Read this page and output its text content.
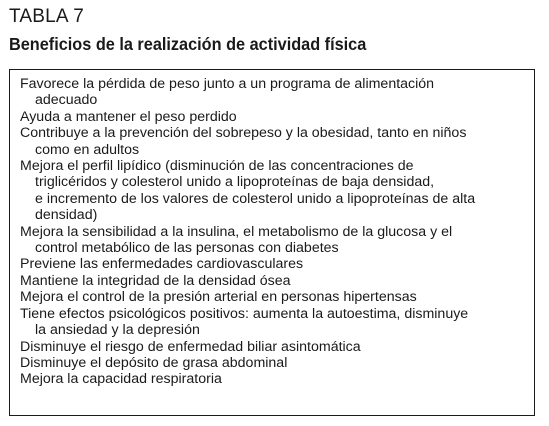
TABLA 7
Beneficios de la realización de actividad física
Favorece la pérdida de peso junto a un programa de alimentación
adecuado
Ayuda a mantener el peso perdido
Contribuye a la prevención del sobrepeso y la obesidad, tanto en niños
como en adultos
Mejora el perfil lipídico (disminución de las concentraciones de
triglicéridos y colesterol unido a lipoproteínas de baja densidad,
e incremento de los valores de colesterol unido a lipoproteínas de alta
densidad)
Mejora la sensibilidad a la insulina, el metabolismo de la glucosa y el
control metabólico de las personas con diabetes
Previene las enfermedades cardiovasculares
Mantiene la integridad de la densidad ósea
Mejora el control de la presión arterial en personas hipertensas
Tiene efectos psicológicos positivos: aumenta la autoestima, disminuye
la ansiedad y la depresión
Disminuye el riesgo de enfermedad biliar asintomática
Disminuye el depósito de grasa abdominal
Mejora la capacidad respiratoria
